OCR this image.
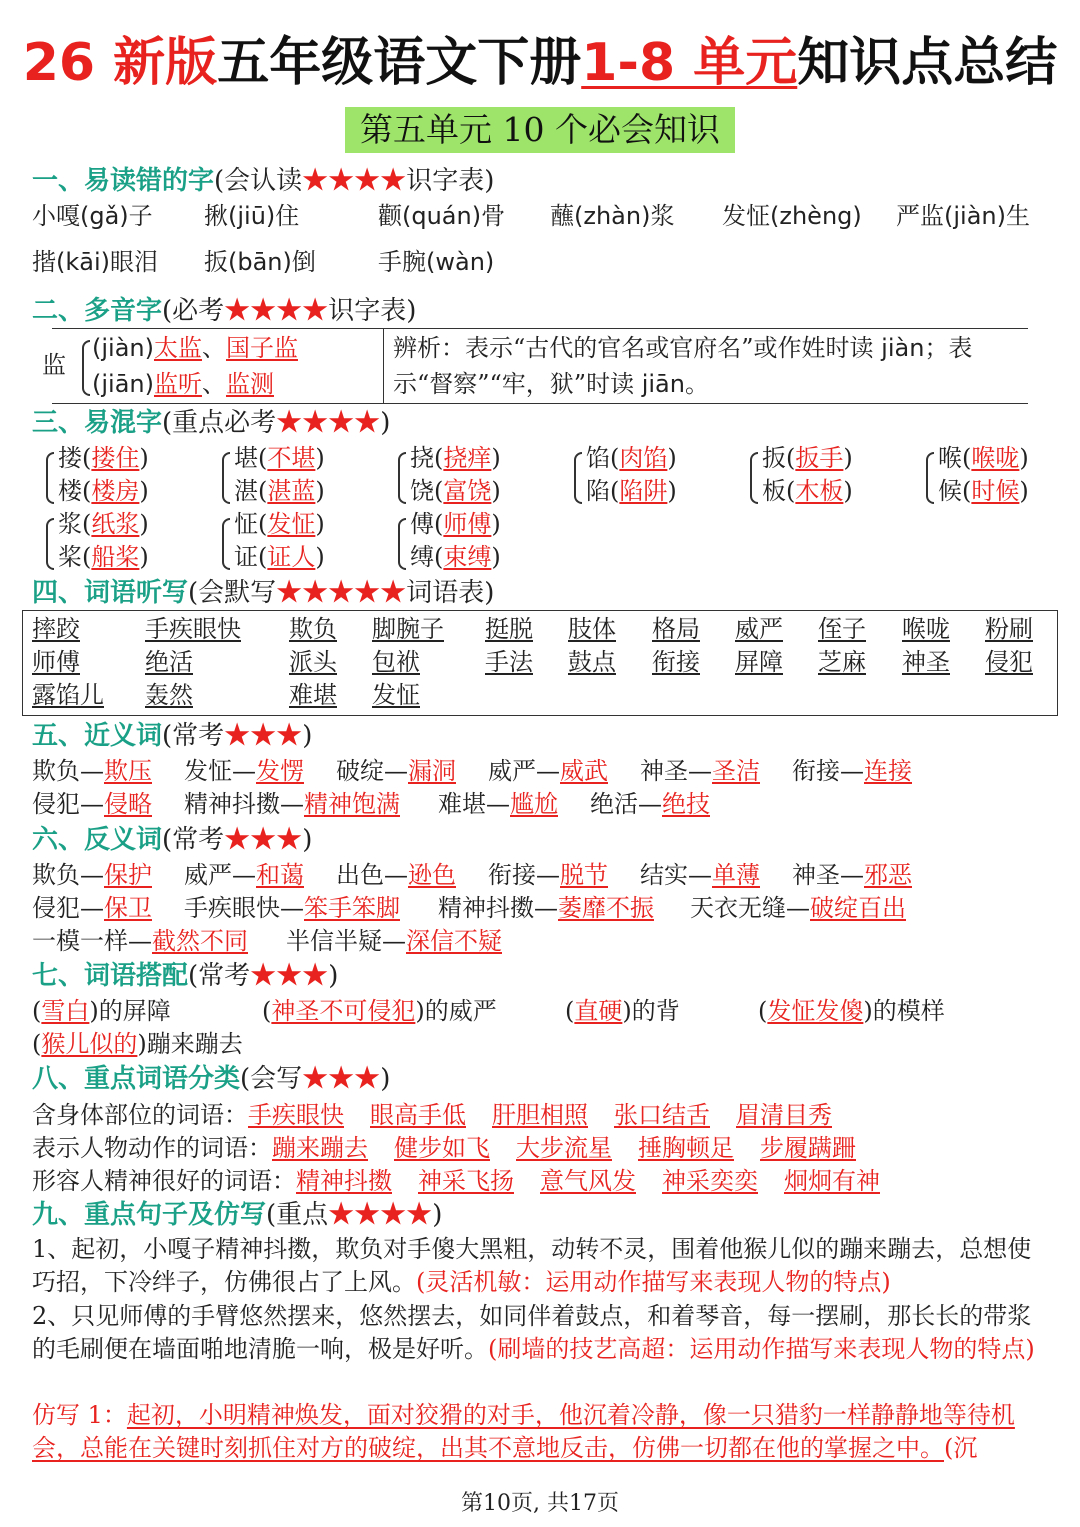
26 新版五年级语文下册1-8 单元知识点总结
第五单元 10 个必会知识
一、易读错的字(会认读★★★★识字表)
小嘎(gǎ)子 揪(jiū)住	颧(quán)骨 蘸(zhàn)浆 发怔(zhèng) 严监(jiàn)生
揩(kāi)眼泪 扳(bān)倒	手腕(wàn)
二、多音字(必考★★★★识字表)
监
(jiàn)太监、国子监
(jiān)监听、监测
辨析：表示“古代的官名或官府名”或作姓时读 jiàn；表
示“督察”“牢，狱”时读 jiān。
三、易混字(重点必考★★★★)
搂(搂住)
楼(楼房)
堪(不堪)
湛(湛蓝)
挠(挠痒)
饶(富饶)
馅(肉馅)
陷(陷阱)
扳(扳手)
板(木板)
喉(喉咙)
候(时候)
浆(纸浆)
桨(船桨)
怔(发怔)
证(证人)
傅(师傅)
缚(束缚)
四、词语听写(会默写★★★★★词语表)
摔跤	手疾眼快 欺负 脚腕子 挺脱 肢体 格局 威严 侄子 喉咙 粉刷
师傅	绝活	派头 包袱	手法 鼓点 衔接 屏障 芝麻 神圣 侵犯
露馅儿 轰然	难堪 发怔
五、近义词(常考★★★)
欺负—欺压 发怔—发愣 破绽—漏洞 威严—威武 神圣—圣洁 衔接—连接
侵犯—侵略 精神抖擞—精神饱满 难堪—尴尬 绝活—绝技
六、反义词(常考★★★)
欺负—保护 威严—和蔼 出色—逊色 衔接—脱节 结实—单薄 神圣—邪恶
侵犯—保卫 手疾眼快—笨手笨脚 精神抖擞—萎靡不振 天衣无缝—破绽百出
一模一样—截然不同 半信半疑—深信不疑
七、词语搭配(常考★★★)
(雪白)的屏障	(神圣不可侵犯)的威严	(直硬)的背	(发怔发傻)的模样
(猴儿似的)蹦来蹦去
八、重点词语分类(会写★★★)
含身体部位的词语：手疾眼快 眼高手低 肝胆相照 张口结舌 眉清目秀
表示人物动作的词语：蹦来蹦去 健步如飞 大步流星 捶胸顿足 步履蹒跚
形容人精神很好的词语：精神抖擞 神采飞扬 意气风发 神采奕奕 炯炯有神
九、重点句子及仿写(重点★★★★)
1、起初，小嘎子精神抖擞，欺负对手傻大黑粗，动转不灵，围着他猴儿似的蹦来蹦去，总想使巧招，下冷绊子，仿佛很占了上风。(灵活机敏：运用动作描写来表现人物的特点)
2、只见师傅的手臂悠然摆来，悠然摆去，如同伴着鼓点，和着琴音，每一摆刷，那长长的带浆的毛刷便在墙面啪地清脆一响，极是好听。(刷墙的技艺高超：运用动作描写来表现人物的特点)
仿写 1：起初，小明精神焕发，面对狡猾的对手，他沉着冷静，像一只猎豹一样静静地等待机会，总能在关键时刻抓住对方的破绽，出其不意地反击，仿佛一切都在他的掌握之中。(沉
第10页, 共17页
